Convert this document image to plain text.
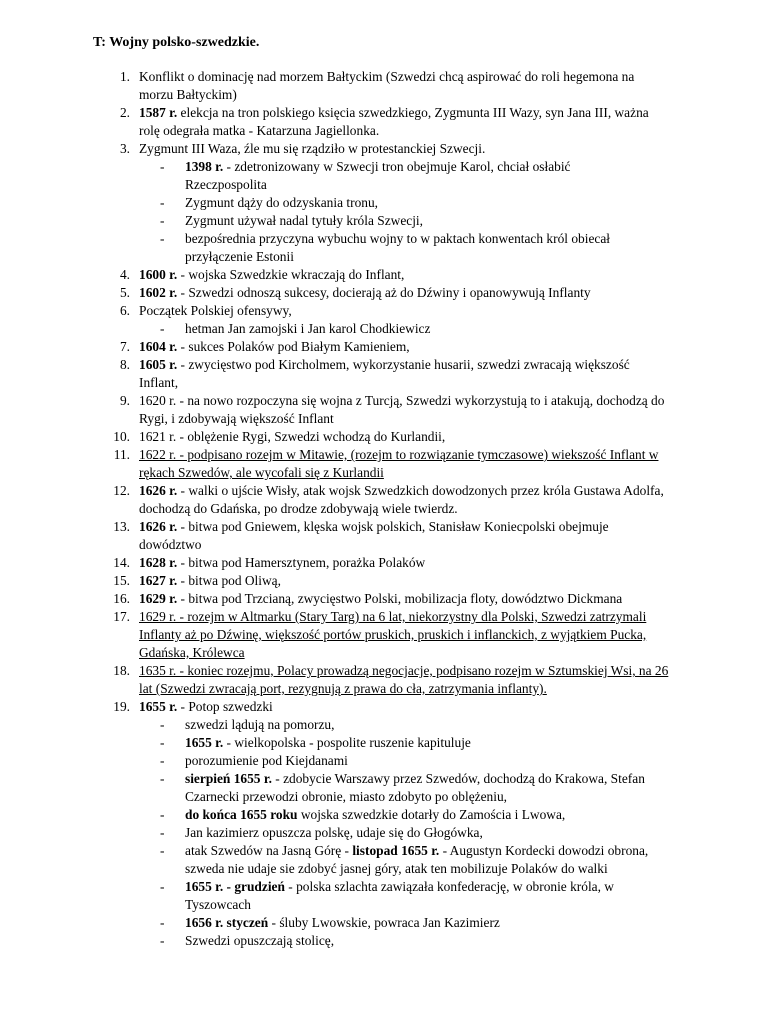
T: Wojny polsko-szwedzkie.

1. Konflikt o dominację nad morzem Bałtyckim (Szwedzi chcą aspirować do roli hegemona na morzu Bałtyckim)
2. 1587 r. elekcja na tron polskiego księcia szwedzkiego, Zygmunta III Wazy, syn Jana III, ważna rolę odegrała matka - Katarzuna Jagiellonka.
3. Zygmunt III Waza, źle mu się rządziło w protestanckiej Szwecji.
- 1398 r. - zdetronizowany w Szwecji tron obejmuje Karol, chciał osłabić Rzeczpospolita
- Zygmunt dąży do odzyskania tronu,
- Zygmunt używał nadal tytuły króla Szwecji,
- bezpośrednia przyczyna wybuchu wojny to w paktach konwentach król obiecał przyłączenie Estonii
4. 1600 r. - wojska Szwedzkie wkraczają do Inflant,
5. 1602 r. - Szwedzi odnoszą sukcesy, docierają aż do Dźwiny i opanowywują Inflanty
6. Początek Polskiej ofensywy,
- hetman Jan zamojski i Jan karol Chodkiewicz
7. 1604 r. - sukces Polaków pod Białym Kamieniem,
8. 1605 r. - zwycięstwo pod Kircholmem, wykorzystanie husarii, szwedzi zwracają większość Inflant,
9. 1620 r. - na nowo rozpoczyna się wojna z Turcją, Szwedzi wykorzystują to i atakują, dochodzą do Rygi, i zdobywają większość Inflant
10. 1621 r. - oblężenie Rygi, Szwedzi wchodzą do Kurlandii,
11. 1622 r. - podpisano rozejm w Mitawie, (rozejm to rozwiązanie tymczasowe) wiekszość Inflant w rękach Szwedów, ale wycofali się z Kurlandii
12. 1626 r. - walki o ujście Wisły, atak wojsk Szwedzkich dowodzonych przez króla Gustawa Adolfa, dochodzą do Gdańska, po drodze zdobywają wiele twierdz.
13. 1626 r. - bitwa pod Gniewem, klęska wojsk polskich, Stanisław Koniecpolski obejmuje dowództwo
14. 1628 r. - bitwa pod Hamersztynem, porażka Polaków
15. 1627 r. - bitwa pod Oliwą,
16. 1629 r. - bitwa pod Trzcianą, zwycięstwo Polski, mobilizacja floty, dowództwo Dickmana
17. 1629 r. - rozejm w Altmarku (Stary Targ) na 6 lat, niekorzystny dla Polski, Szwedzi zatrzymali Inflanty aż po Dźwinę, większość portów pruskich, pruskich i inflanckich, z wyjątkiem Pucka, Gdańska, Królewca
18. 1635 r. - koniec rozejmu, Polacy prowadzą negocjacje, podpisano rozejm w Sztumskiej Wsi, na 26 lat (Szwedzi zwracają port, rezygnują z prawa do cła, zatrzymania inflanty).
19. 1655 r. - Potop szwedzki
- szwedzi lądują na pomorzu,
- 1655 r. - wielkopolska - pospolite ruszenie kapituluje
- porozumienie pod Kiejdanami
- sierpień 1655 r. - zdobycie Warszawy przez Szwedów, dochodzą do Krakowa, Stefan Czarnecki przewodzi obronie, miasto zdobyto po oblężeniu,
- do końca 1655 roku wojska szwedzkie dotarły do Zamościa i Lwowa,
- Jan kazimierz opuszcza polskę, udaje się do Głogówka,
- atak Szwedów na Jasną Górę - listopad 1655 r. - Augustyn Kordecki dowodzi obrona, szweda nie udaje sie zdobyć jasnej góry, atak ten mobilizuje Polaków do walki
- 1655 r. - grudzień - polska szlachta zawiązała konfederację, w obronie króla, w Tyszowcach
- 1656 r. styczeń - śluby Lwowskie, powraca Jan Kazimierz
- Szwedzi opuszczają stolicę,
